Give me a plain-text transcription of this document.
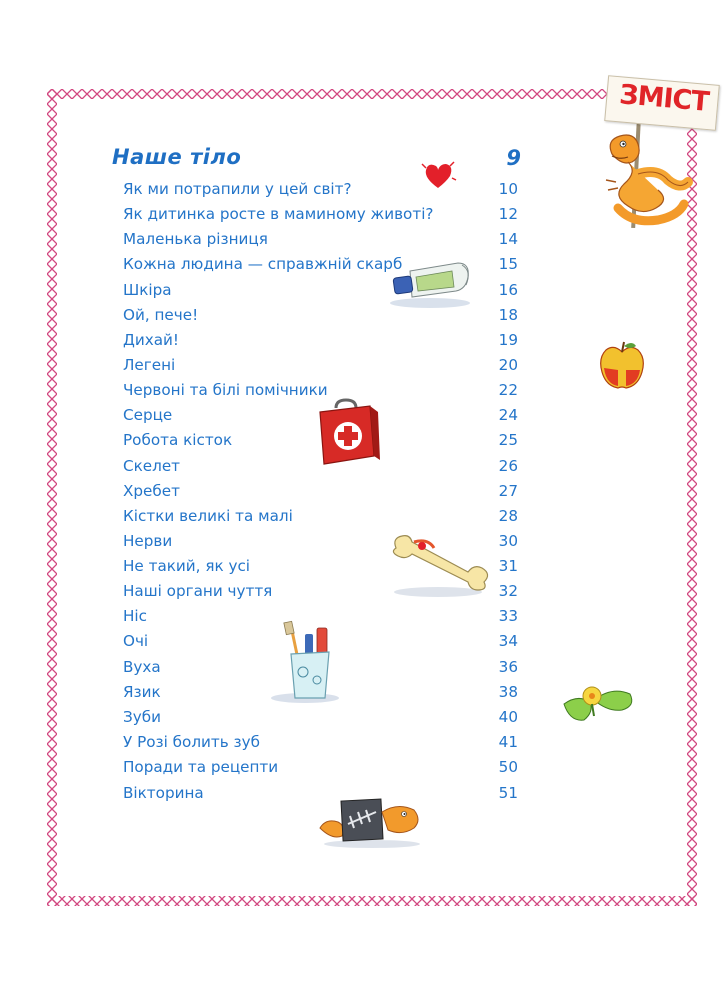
Наше тіло	9
Як ми потрапили у цей світ?	10
Як дитинка росте в маминому животі?	12
Маленька різниця	14
Кожна людина — справжній скарб	15
Шкіра	16
Ой, пече!	18
Дихай!	19
Легені	20
Червоні та білі помічники	22
Серце	24
Робота кісток	25
Скелет	26
Хребет	27
Кістки великі та малі	28
Нерви	30
Не такий, як усі	31
Наші органи чуття	32
Ніс	33
Очі	34
Вуха	36
Язик	38
Зуби	40
У Розі болить зуб	41
Поради та рецепти	50
Вікторина	51
ЗМІСТ
